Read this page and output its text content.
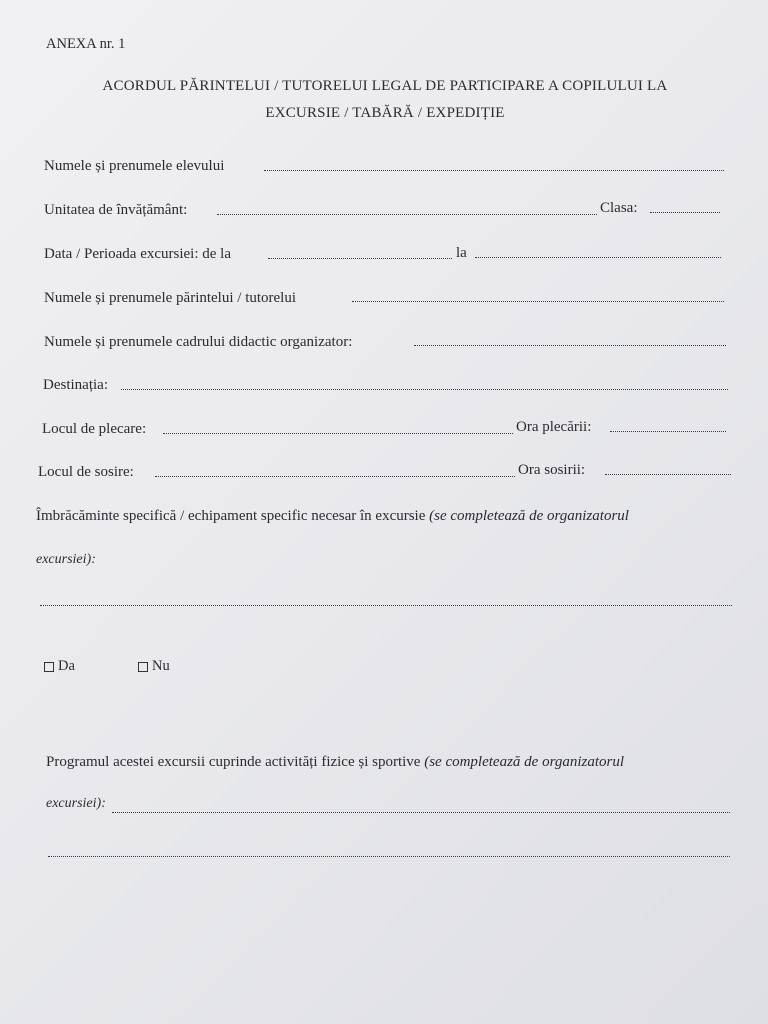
ANEXA nr. 1
ACORDUL PĂRINTELUI / TUTORELUI LEGAL DE PARTICIPARE A COPILULUI LA
EXCURSIE / TABĂRĂ / EXPEDIȚIE
Numele și prenumele elevului
Unitatea de învățământ:	Clasa:
Data / Perioada excursiei: de la	la
Numele și prenumele părintelui / tutorelui
Numele și prenumele cadrului didactic organizator:
Destinația:
Locul de plecare:	Ora plecării:
Locul de sosire:	Ora sosirii:
Îmbrăcăminte specifică / echipament specific necesar în excursie (se completează de organizatorul
excursiei):
Da	Nu
Programul acestei excursii cuprinde activități fizice și sportive (se completează de organizatorul
excursiei):
